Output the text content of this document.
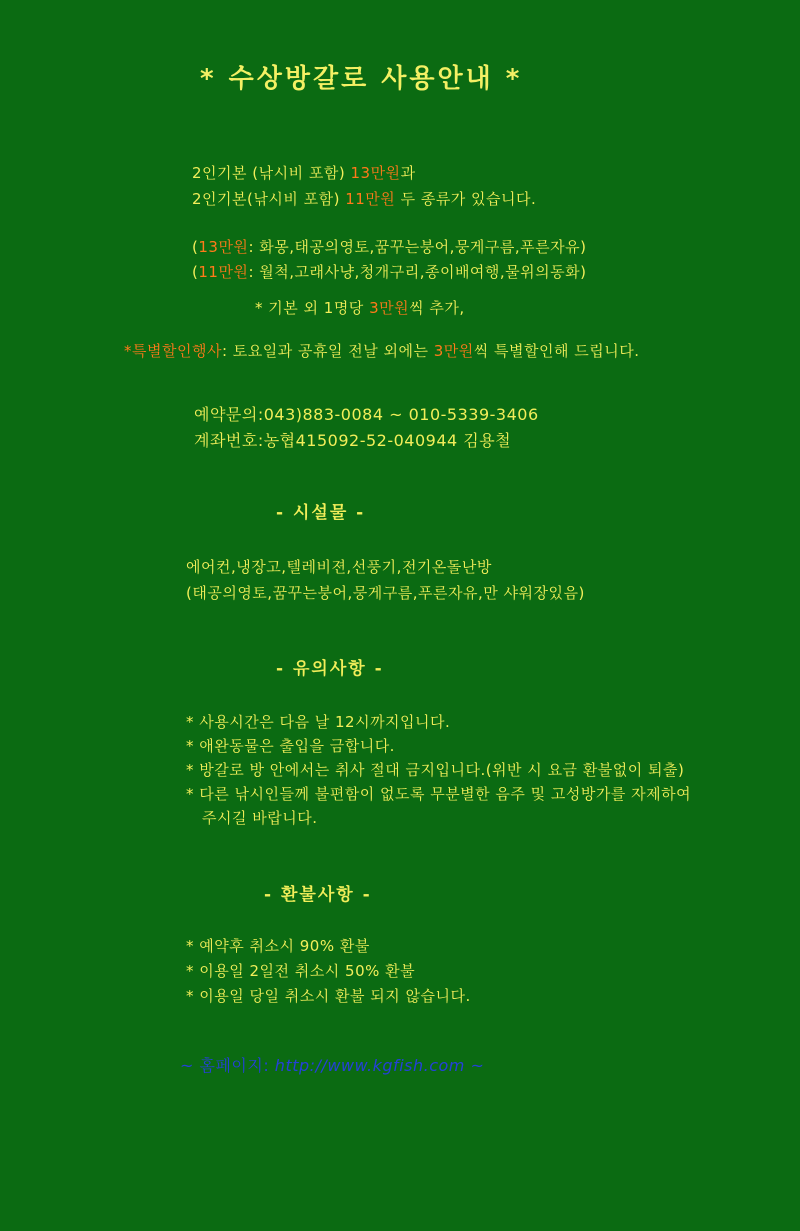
* 수상방갈로 사용안내 *
2인기본 (낚시비 포함) 13만원과
2인기본(낚시비 포함) 11만원 두 종류가 있습니다.
(13만원: 화몽,태공의영토,꿈꾸는붕어,뭉게구름,푸른자유)
(11만원: 월척,고래사냥,청개구리,종이배여행,물위의동화)
* 기본 외 1명당 3만원씩 추가,
*특별할인행사: 토요일과 공휴일 전날 외에는 3만원씩 특별할인해 드립니다.
예약문의:043)883-0084 ~ 010-5339-3406
계좌번호:농협415092-52-040944 김용철
- 시설물 -
에어컨,냉장고,텔레비젼,선풍기,전기온돌난방
(태공의영토,꿈꾸는붕어,뭉게구름,푸른자유,만 샤워장있음)
- 유의사항 -
* 사용시간은 다음 날 12시까지입니다.
* 애완동물은 출입을 금합니다.
* 방갈로 방 안에서는 취사 절대 금지입니다.(위반 시 요금 환불없이 퇴출)
* 다른 낚시인들께 불편함이 없도록 무분별한 음주 및 고성방가를 자제하여
주시길 바랍니다.
- 환불사항 -
* 예약후 취소시 90% 환불
* 이용일 2일전 취소시 50% 환불
* 이용일 당일 취소시 환불 되지 않습니다.
~ 홈페이지: http://www.kgfish.com ~
